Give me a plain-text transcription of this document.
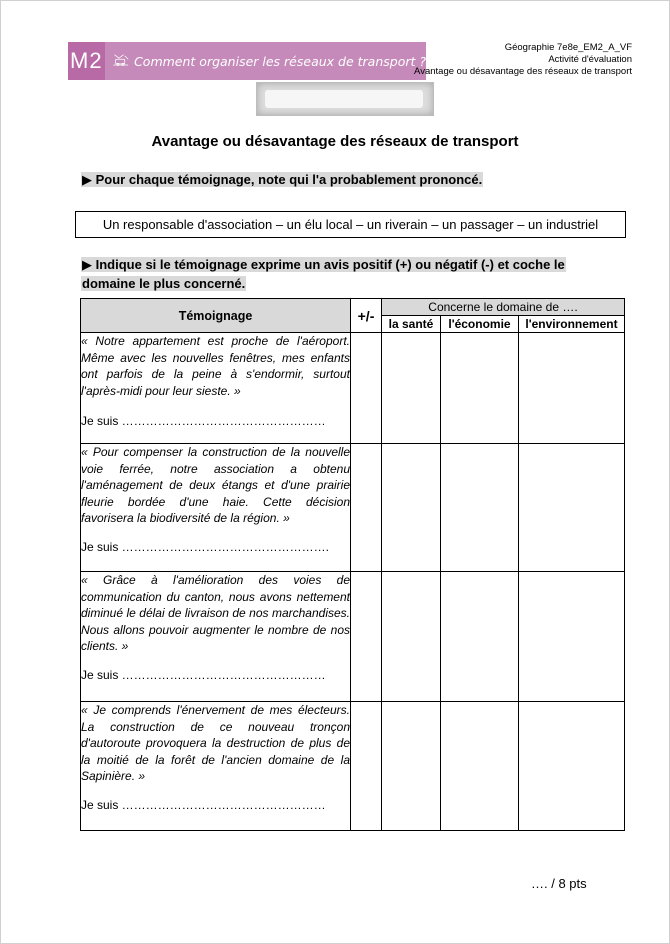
M2	Comment organiser les réseaux de transport ?
Géographie 7e8e_EM2_A_VF
Activité d'évaluation
Avantage ou désavantage des réseaux de transport
Avantage ou désavantage des réseaux de transport
▶ Pour chaque témoignage, note qui l'a probablement prononcé.
Un responsable d'association – un élu local – un riverain – un passager – un industriel
▶ Indique si le témoignage exprime un avis positif (+) ou négatif (-) et coche le domaine le plus concerné.
Témoignage	+/-	Concerne le domaine de ….		
		la santé	l'économie	l'environnement

« Notre appartement est proche de l'aéroport. Même avec les nouvelles fenêtres, mes enfants ont parfois de la peine à s'endormir, surtout l'après-midi pour leur sieste. »
Je suis ……………………………………………				

« Pour compenser la construction de la nouvelle voie ferrée, notre association a obtenu l'aménagement de deux étangs et d'une prairie fleurie bordée d'une haie. Cette décision favorisera la biodiversité de la région. »
Je suis …………………………………………….				

« Grâce à l'amélioration des voies de communication du canton, nous avons nettement diminué le délai de livraison de nos marchandises. Nous allons pouvoir augmenter le nombre de nos clients. »
Je suis ……………………………………………				

« Je comprends l'énervement de mes électeurs. La construction de ce nouveau tronçon d'autoroute provoquera la destruction de plus de la moitié de la forêt de l'ancien domaine de la Sapinière. »
Je suis ……………………………………………				

…. / 8 pts
